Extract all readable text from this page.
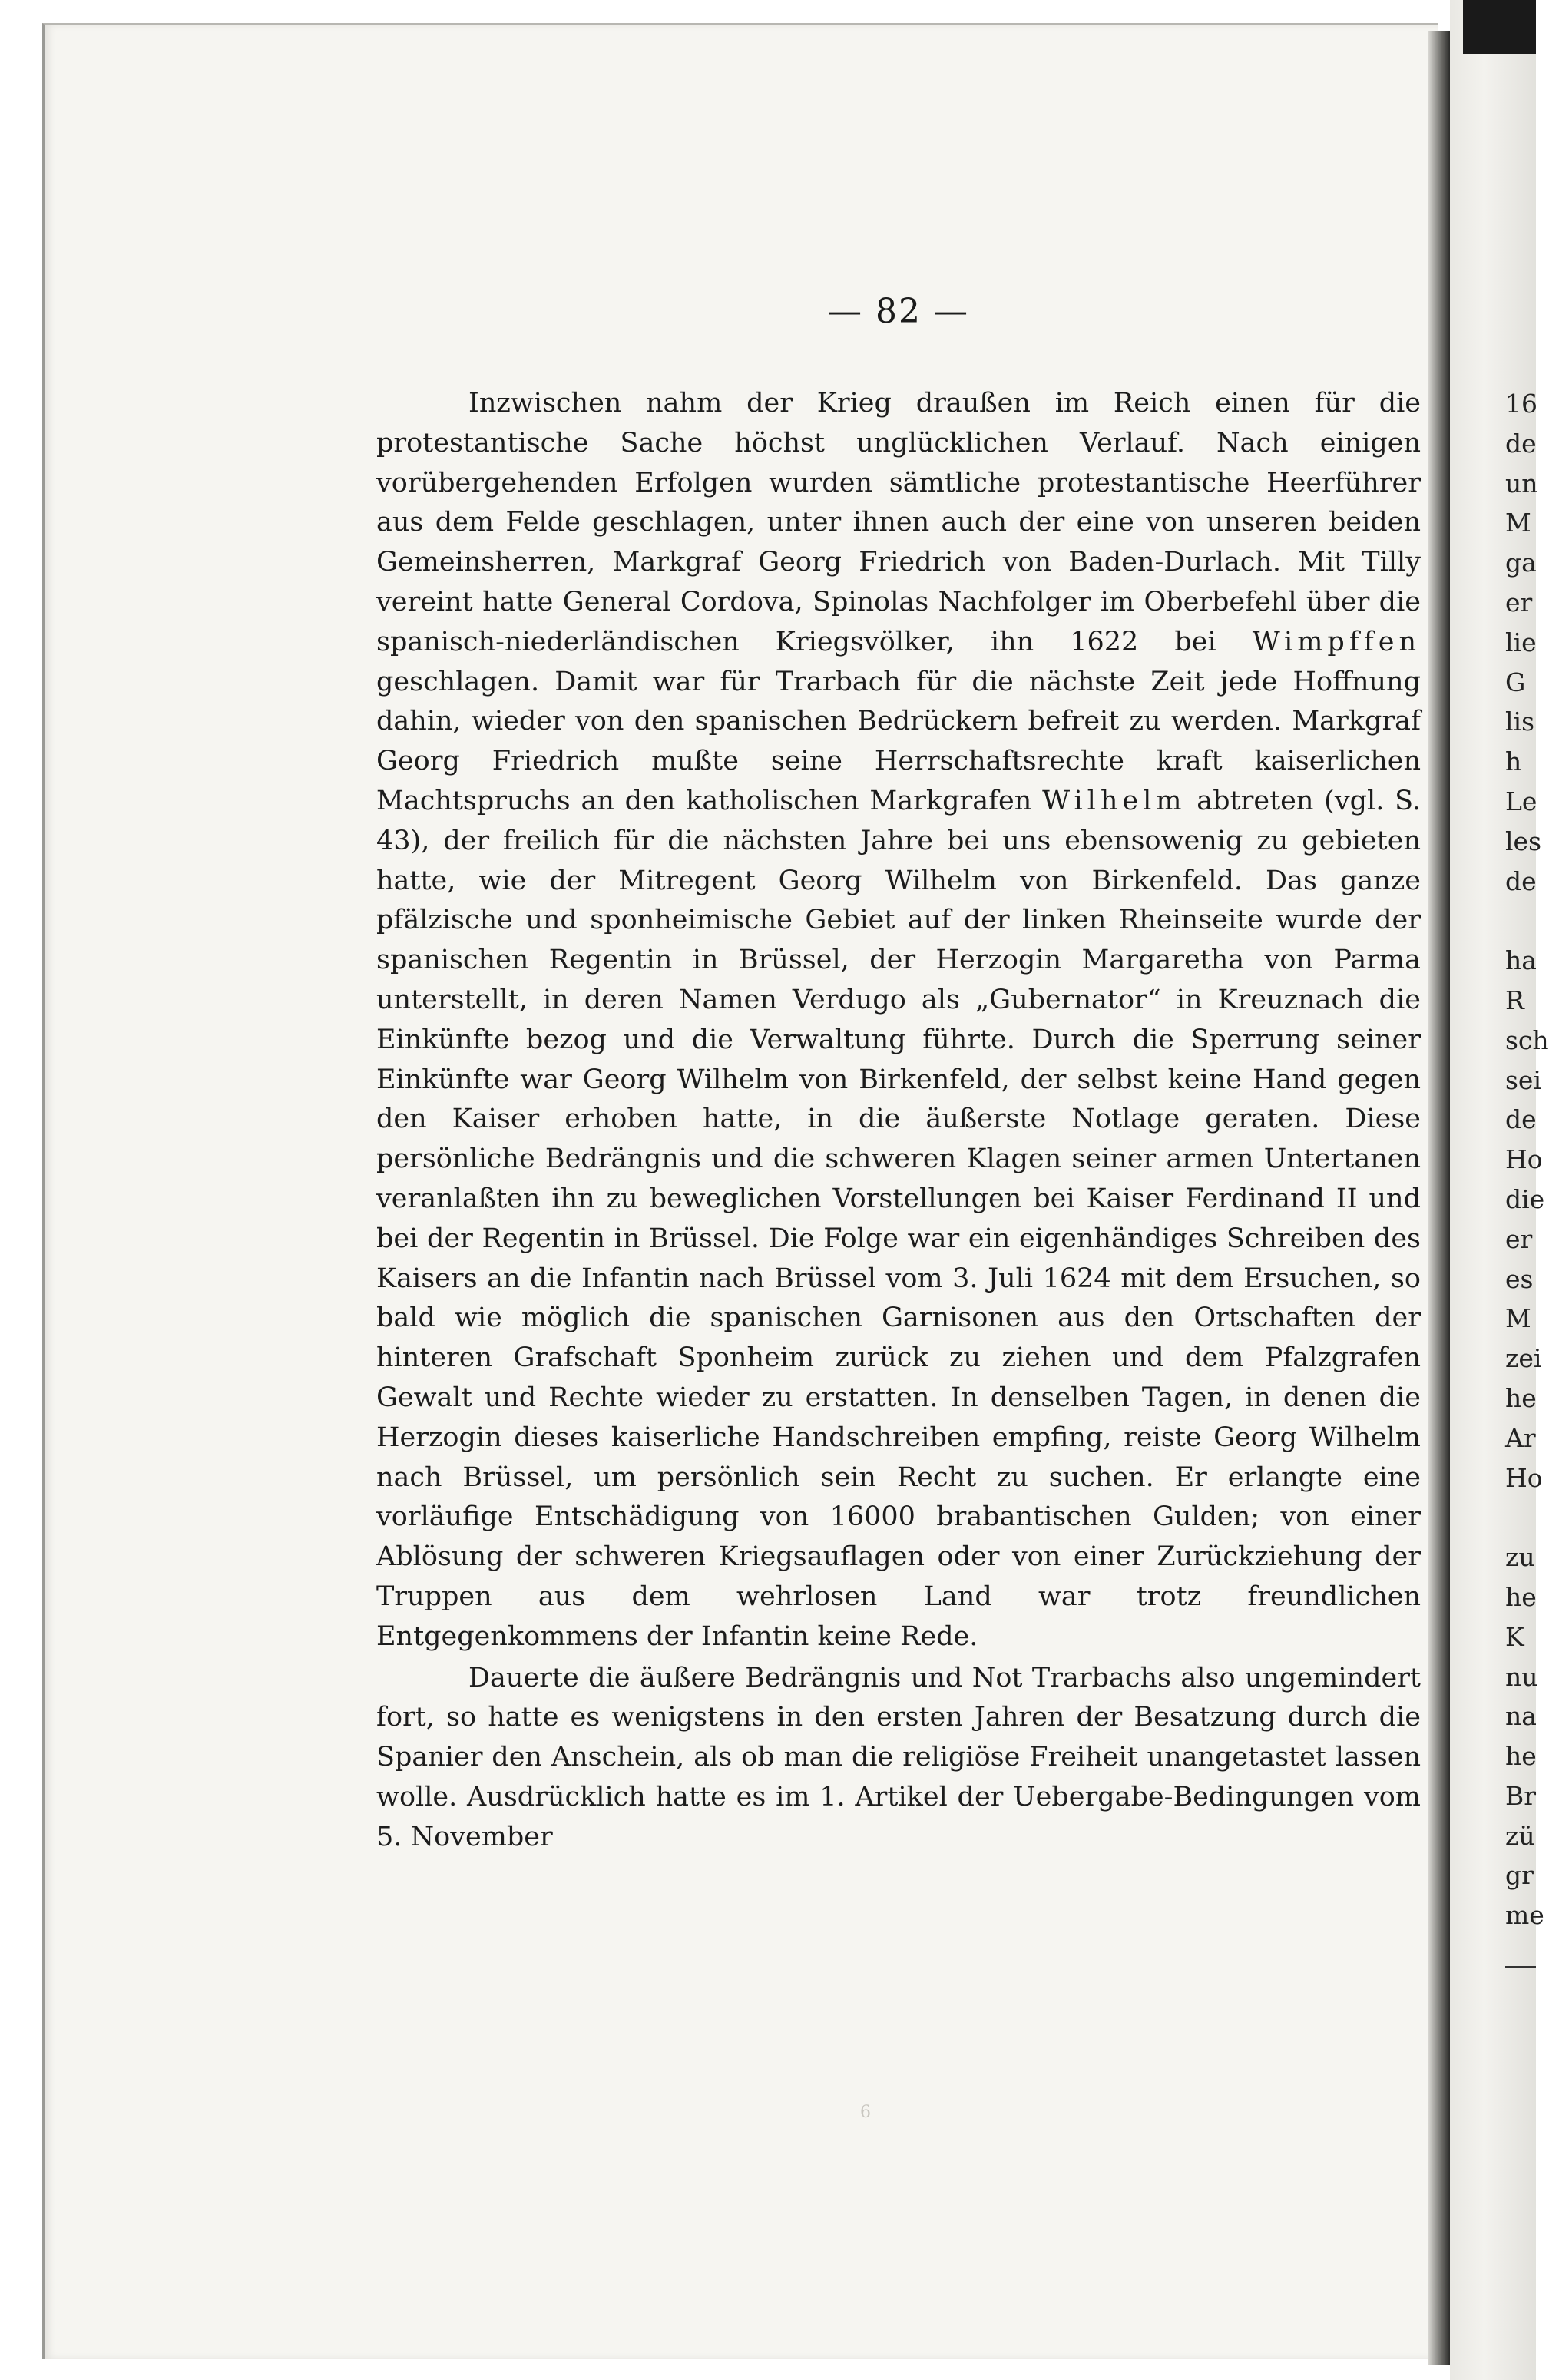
— 82 —

Inzwischen nahm der Krieg draußen im Reich einen für die protestantische Sache höchst unglücklichen Verlauf. Nach einigen vorübergehenden Erfolgen wurden sämtliche protestantische Heerführer aus dem Felde geschlagen, unter ihnen auch der eine von unseren beiden Gemeinsherren, Markgraf Georg Friedrich von Baden-Durlach. Mit Tilly vereint hatte General Cordova, Spinolas Nachfolger im Oberbefehl über die spanisch-niederländischen Kriegsvölker, ihn 1622 bei Wimpffen geschlagen. Damit war für Trarbach für die nächste Zeit jede Hoffnung dahin, wieder von den spanischen Bedrückern befreit zu werden. Markgraf Georg Friedrich mußte seine Herrschaftsrechte kraft kaiserlichen Machtspruchs an den katholischen Markgrafen Wilhelm abtreten (vgl. S. 43), der freilich für die nächsten Jahre bei uns ebensowenig zu gebieten hatte, wie der Mitregent Georg Wilhelm von Birkenfeld. Das ganze pfälzische und sponheimische Gebiet auf der linken Rheinseite wurde der spanischen Regentin in Brüssel, der Herzogin Margaretha von Parma unterstellt, in deren Namen Verdugo als „Gubernator“ in Kreuznach die Einkünfte bezog und die Verwaltung führte. Durch die Sperrung seiner Einkünfte war Georg Wilhelm von Birkenfeld, der selbst keine Hand gegen den Kaiser erhoben hatte, in die äußerste Notlage geraten. Diese persönliche Bedrängnis und die schweren Klagen seiner armen Untertanen veranlaßten ihn zu beweglichen Vorstellungen bei Kaiser Ferdinand II und bei der Regentin in Brüssel. Die Folge war ein eigenhändiges Schreiben des Kaisers an die Infantin nach Brüssel vom 3. Juli 1624 mit dem Ersuchen, so bald wie möglich die spanischen Garnisonen aus den Ortschaften der hinteren Grafschaft Sponheim zurück zu ziehen und dem Pfalzgrafen Gewalt und Rechte wieder zu erstatten. In denselben Tagen, in denen die Herzogin dieses kaiserliche Handschreiben empfing, reiste Georg Wilhelm nach Brüssel, um persönlich sein Recht zu suchen. Er erlangte eine vorläufige Entschädigung von 16000 brabantischen Gulden; von einer Ablösung der schweren Kriegsauflagen oder von einer Zurückziehung der Truppen aus dem wehrlosen Land war trotz freundlichen Entgegenkommens der Infantin keine Rede.

Dauerte die äußere Bedrängnis und Not Trarbachs also ungemindert fort, so hatte es wenigstens in den ersten Jahren der Besatzung durch die Spanier den Anschein, als ob man die religiöse Freiheit unangetastet lassen wolle. Ausdrücklich hatte es im 1. Artikel der Uebergabe-Bedingungen vom 5. November

16
de
un
M
ga
er
lie
G
lis
h
Le
les
de
ha
R
sch
sei
de
Ho
die
er
es
M
zei
he
Ar
Ho
zu
he
K
nu
na
he
Br
zü
gr
me
6
